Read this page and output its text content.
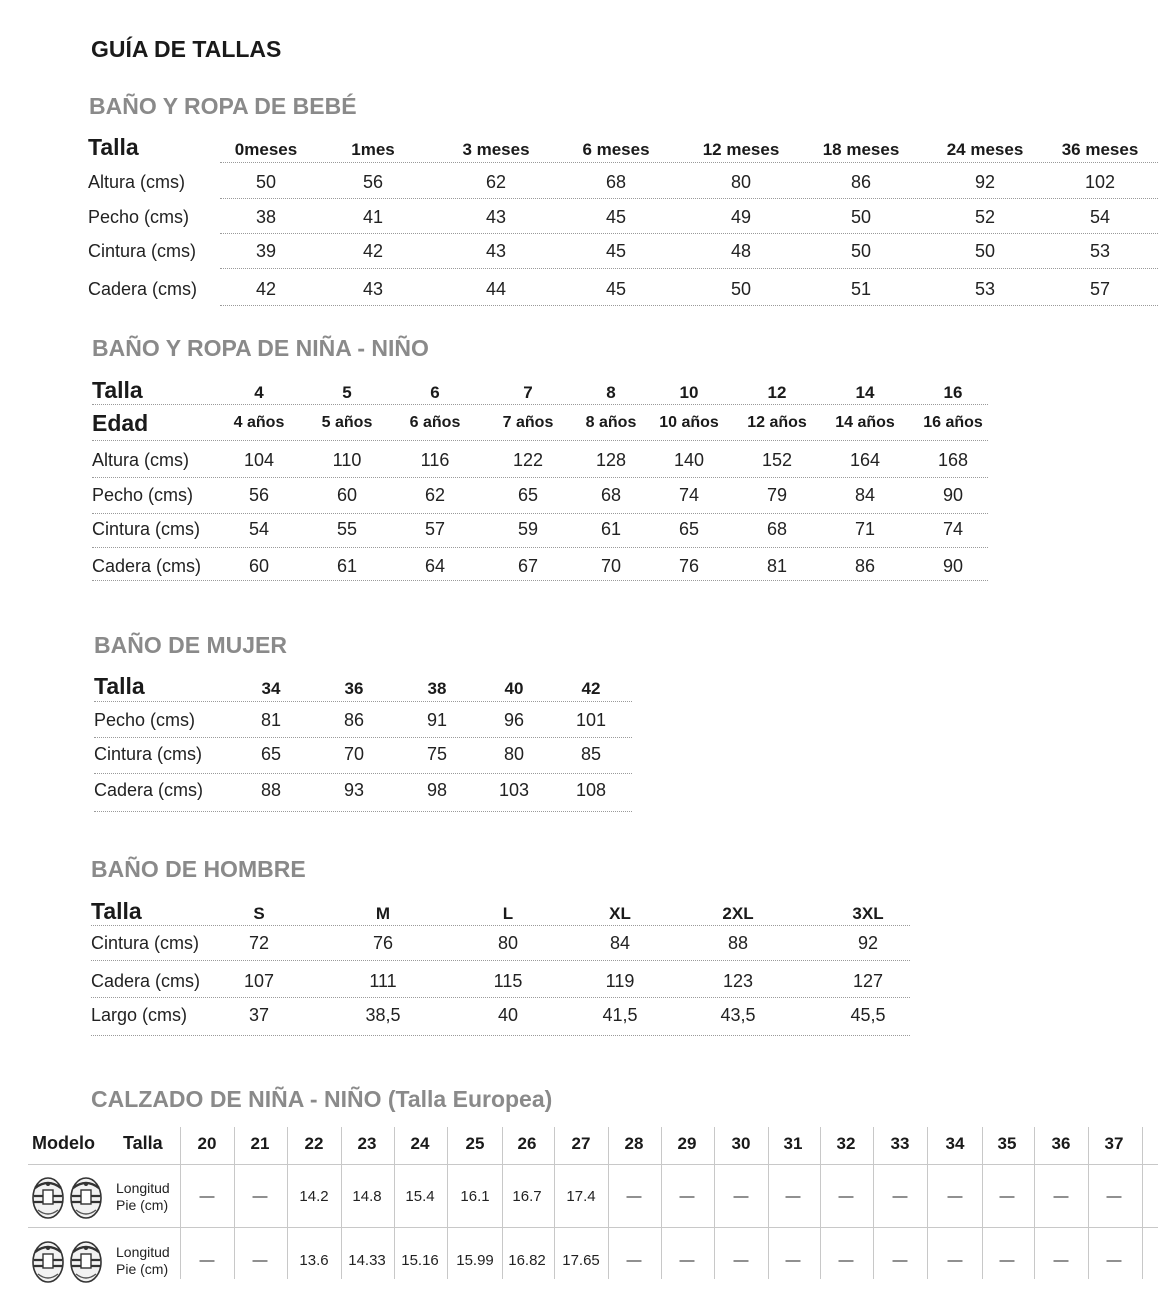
GUÍA DE TALLAS
BAÑO Y ROPA DE BEBÉ
Talla	0meses	1mes	3 meses	6 meses	12 meses	18 meses	24 meses 36 meses
Altura (cms)	50	56	62	68	80	86	92	102
Pecho (cms)	38	41	43	45	49	50	52	54
Cintura (cms)	39	42	43	45	48	50	50	53
Cadera (cms)	42	43	44	45	50	51	53	57
BAÑO Y ROPA DE NIÑA - NIÑO
Talla	4	5	6	7	8	10	12	14	16
Edad	4 años 5 años 6 años	7 años 8 años 10 años 12 años 14 años 16 años
Altura (cms)	104	110	116	122	128	140	152	164	168
Pecho (cms)	56	60	62	65	68	74	79	84	90
Cintura (cms)	54	55	57	59	61	65	68	71	74
Cadera (cms)	60	61	64	67	70	76	81	86	90
BAÑO DE MUJER
Talla	34	36	38	40	42
Pecho (cms)	81	86	91	96	101
Cintura (cms)	65	70	75	80	85
Cadera (cms)	88	93	98	103	108
BAÑO DE HOMBRE
Talla	S	M	L	XL	2XL	3XL
Cintura (cms)	72	76	80	84	88	92
Cadera (cms) 107	111	115	119	123	127
Largo (cms)	37	38,5	40	41,5	43,5	45,5
CALZADO DE NIÑA - NIÑO (Talla Europea)
Modelo Talla 20 21 22 23 24 25 26 27 28 29 30 31 32 33 34 35 36 37
Longitud
Pie (cm) —	— 14.2 14.8 15.4 16.1 16.7 17.4 —	—	— —	—	—	— —	—	—
Longitud
Pie (cm) —	— 13.6 14.33 15.16 15.99 16.82 17.65 —	—	— —	—	—	— —	—	—
